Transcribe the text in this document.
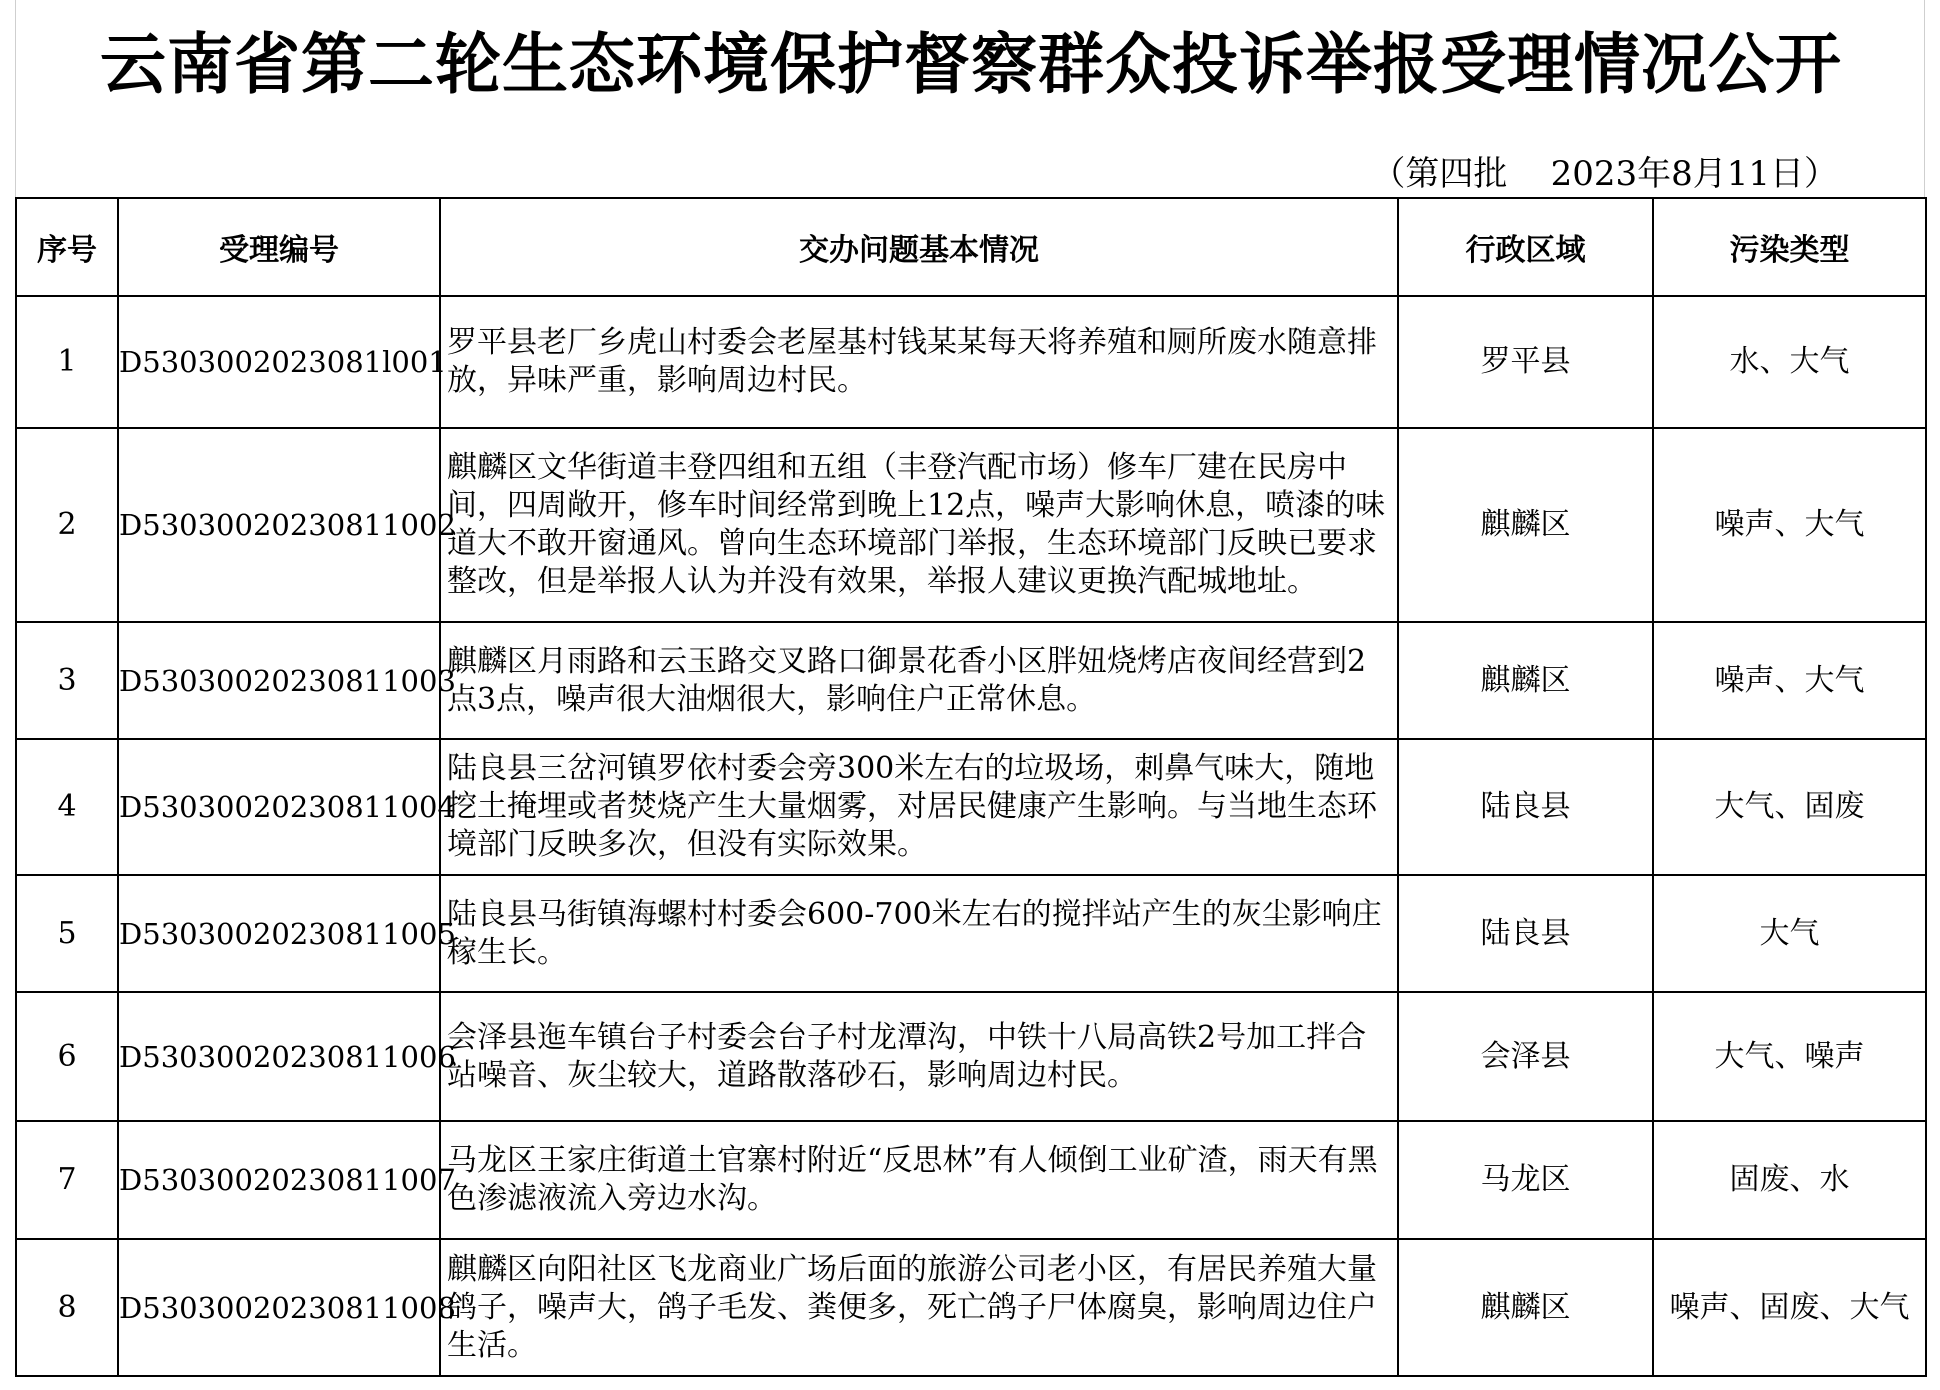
云南省第二轮生态环境保护督察群众投诉举报受理情况公开
（第四批    2023年8月11日）
序号	受理编号	交办问题基本情况	行政区域	污染类型
1	D5303002023081l001	罗平县老厂乡虎山村委会老屋基村钱某某每天将养殖和厕所废水随意排放，异味严重，影响周边村民。	罗平县	水、大气
2	D53030020230811002	麒麟区文华街道丰登四组和五组（丰登汽配市场）修车厂建在民房中间，四周敞开，修车时间经常到晚上12点，噪声大影响休息，喷漆的味道大不敢开窗通风。曾向生态环境部门举报，生态环境部门反映已要求整改，但是举报人认为并没有效果，举报人建议更换汽配城地址。	麒麟区	噪声、大气
3	D53030020230811003	麒麟区月雨路和云玉路交叉路口御景花香小区胖妞烧烤店夜间经营到2点3点，噪声很大油烟很大，影响住户正常休息。	麒麟区	噪声、大气
4	D53030020230811004	陆良县三岔河镇罗依村委会旁300米左右的垃圾场，刺鼻气味大，随地挖土掩埋或者焚烧产生大量烟雾，对居民健康产生影响。与当地生态环境部门反映多次，但没有实际效果。	陆良县	大气、固废
5	D53030020230811005	陆良县马街镇海螺村村委会600-700米左右的搅拌站产生的灰尘影响庄稼生长。	陆良县	大气
6	D53030020230811006	会泽县迤车镇台子村委会台子村龙潭沟，中铁十八局高铁2号加工拌合站噪音、灰尘较大，道路散落砂石，影响周边村民。	会泽县	大气、噪声
7	D53030020230811007	马龙区王家庄街道土官寨村附近“反思林”有人倾倒工业矿渣，雨天有黑色渗滤液流入旁边水沟。	马龙区	固废、水
8	D53030020230811008	麒麟区向阳社区飞龙商业广场后面的旅游公司老小区，有居民养殖大量鸽子，噪声大，鸽子毛发、粪便多，死亡鸽子尸体腐臭，影响周边住户生活。	麒麟区	噪声、固废、大气
